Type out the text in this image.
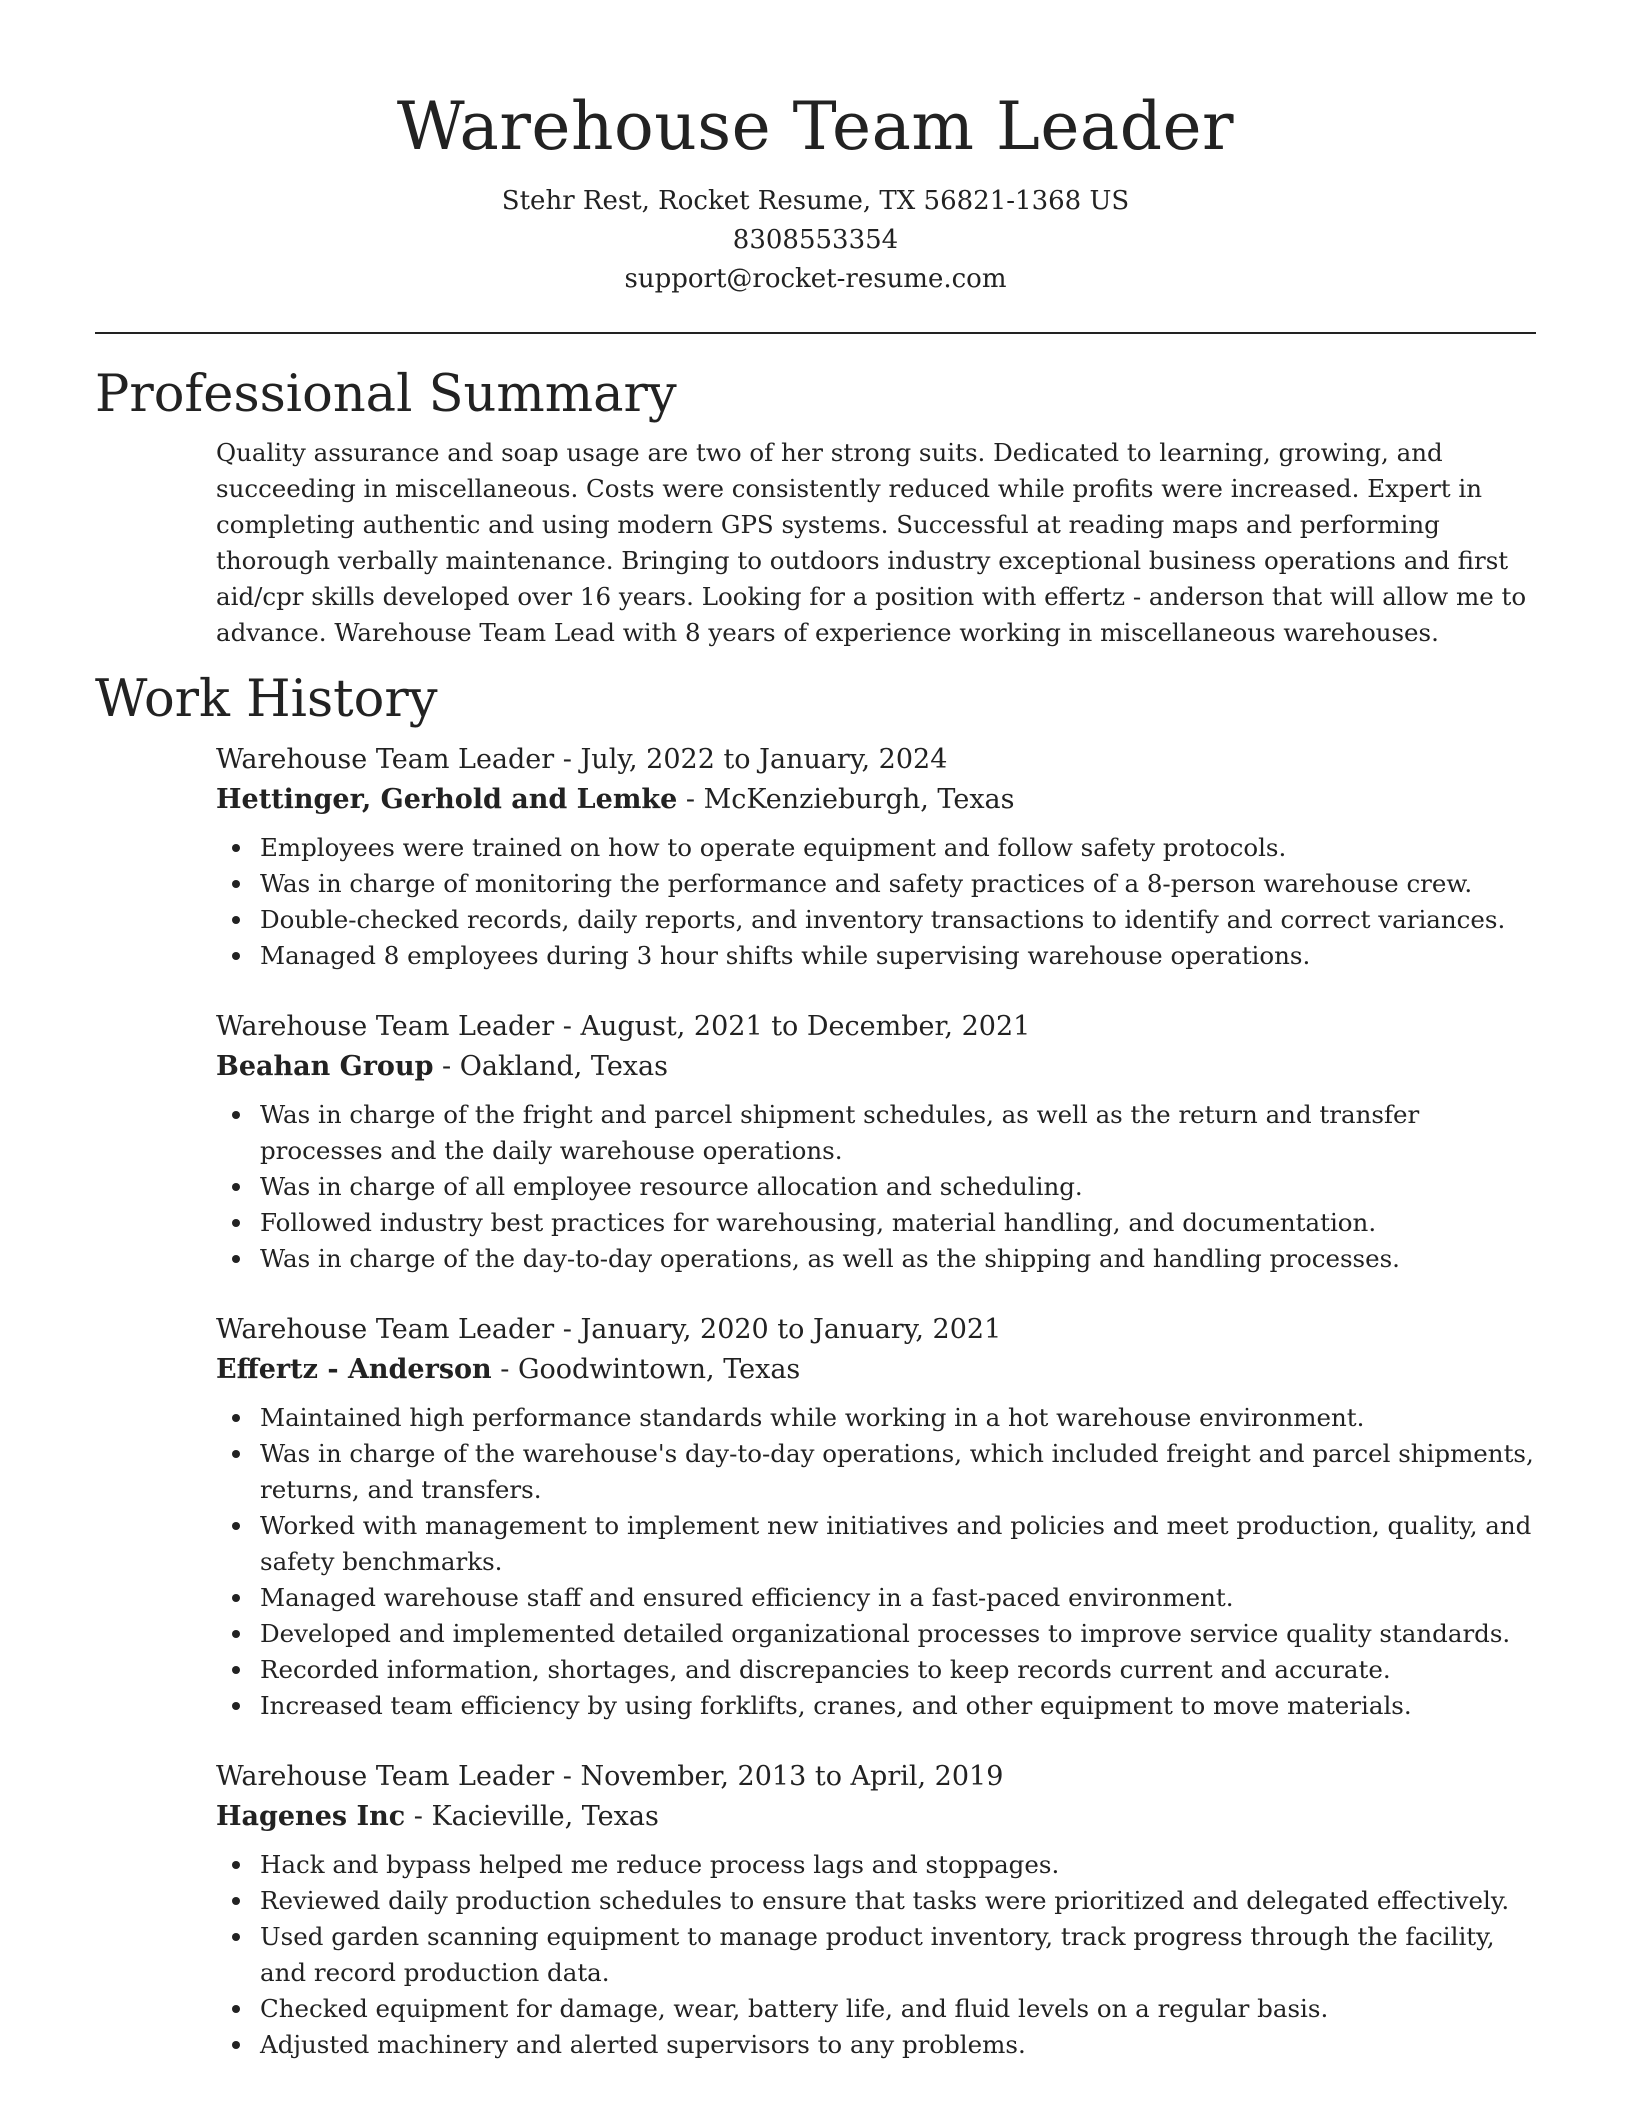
Warehouse Team Leader
Stehr Rest, Rocket Resume, TX 56821-1368 US
8308553354
support@rocket-resume.com
Professional Summary
Quality assurance and soap usage are two of her strong suits. Dedicated to learning, growing, and succeeding in miscellaneous. Costs were consistently reduced while profits were increased. Expert in completing authentic and using modern GPS systems. Successful at reading maps and performing thorough verbally maintenance. Bringing to outdoors industry exceptional business operations and first aid/cpr skills developed over 16 years. Looking for a position with effertz - anderson that will allow me to advance. Warehouse Team Lead with 8 years of experience working in miscellaneous warehouses.
Work History
Warehouse Team Leader - July, 2022 to January, 2024
Hettinger, Gerhold and Lemke - McKenzieburgh, Texas
Employees were trained on how to operate equipment and follow safety protocols.
Was in charge of monitoring the performance and safety practices of a 8-person warehouse crew.
Double-checked records, daily reports, and inventory transactions to identify and correct variances.
Managed 8 employees during 3 hour shifts while supervising warehouse operations.
Warehouse Team Leader - August, 2021 to December, 2021
Beahan Group - Oakland, Texas
Was in charge of the fright and parcel shipment schedules, as well as the return and transfer processes and the daily warehouse operations.
Was in charge of all employee resource allocation and scheduling.
Followed industry best practices for warehousing, material handling, and documentation.
Was in charge of the day-to-day operations, as well as the shipping and handling processes.
Warehouse Team Leader - January, 2020 to January, 2021
Effertz - Anderson - Goodwintown, Texas
Maintained high performance standards while working in a hot warehouse environment.
Was in charge of the warehouse's day-to-day operations, which included freight and parcel shipments, returns, and transfers.
Worked with management to implement new initiatives and policies and meet production, quality, and safety benchmarks.
Managed warehouse staff and ensured efficiency in a fast-paced environment.
Developed and implemented detailed organizational processes to improve service quality standards.
Recorded information, shortages, and discrepancies to keep records current and accurate.
Increased team efficiency by using forklifts, cranes, and other equipment to move materials.
Warehouse Team Leader - November, 2013 to April, 2019
Hagenes Inc - Kacieville, Texas
Hack and bypass helped me reduce process lags and stoppages.
Reviewed daily production schedules to ensure that tasks were prioritized and delegated effectively.
Used garden scanning equipment to manage product inventory, track progress through the facility, and record production data.
Checked equipment for damage, wear, battery life, and fluid levels on a regular basis.
Adjusted machinery and alerted supervisors to any problems.
